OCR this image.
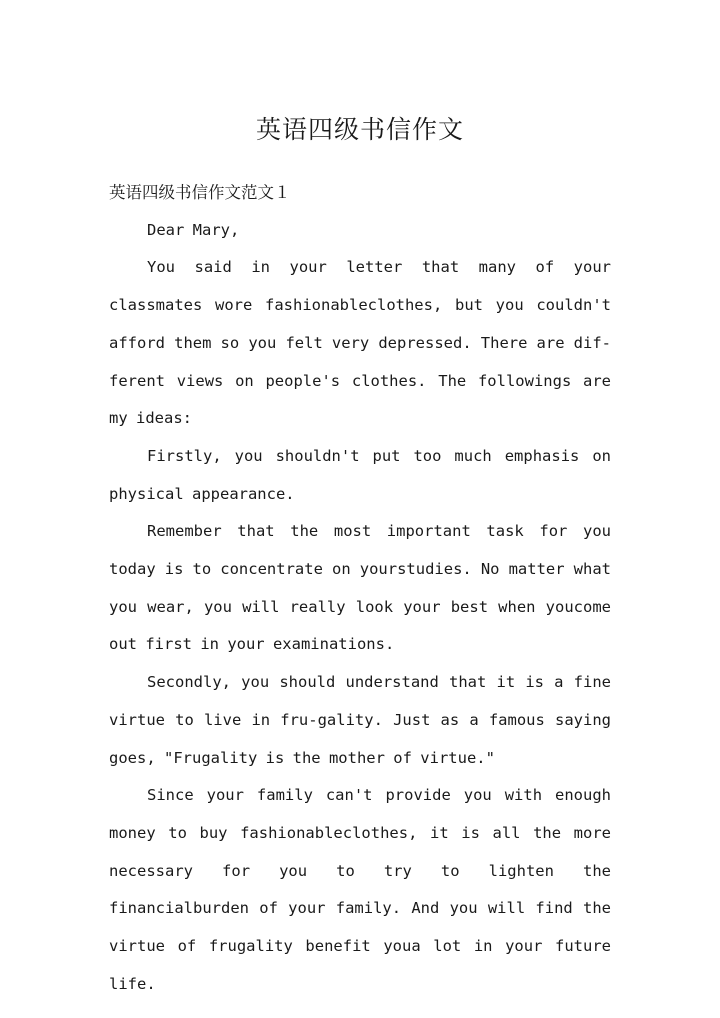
英语四级书信作文

英语四级书信作文范文１

Dear Mary,

You said in your letter that many of your classmates wore fashionableclothes, but you couldn't afford them so you felt very depressed. There are dif-ferent views on people's clothes. The followings are my ideas:

Firstly, you shouldn't put too much emphasis on physical appearance.

Remember that the most important task for you today is to concentrate on yourstudies. No matter what you wear, you will really look your best when youcome out first in your examinations.

Secondly, you should understand that it is a fine virtue to live in fru-gality. Just as a famous saying goes, "Frugality is the mother of virtue."

Since your family can't provide you with enough money to buy fashionableclothes, it is all the more necessary for you to try to lighten the financialburden of your family. And you will find the virtue of frugality benefit youa lot in your future life.
